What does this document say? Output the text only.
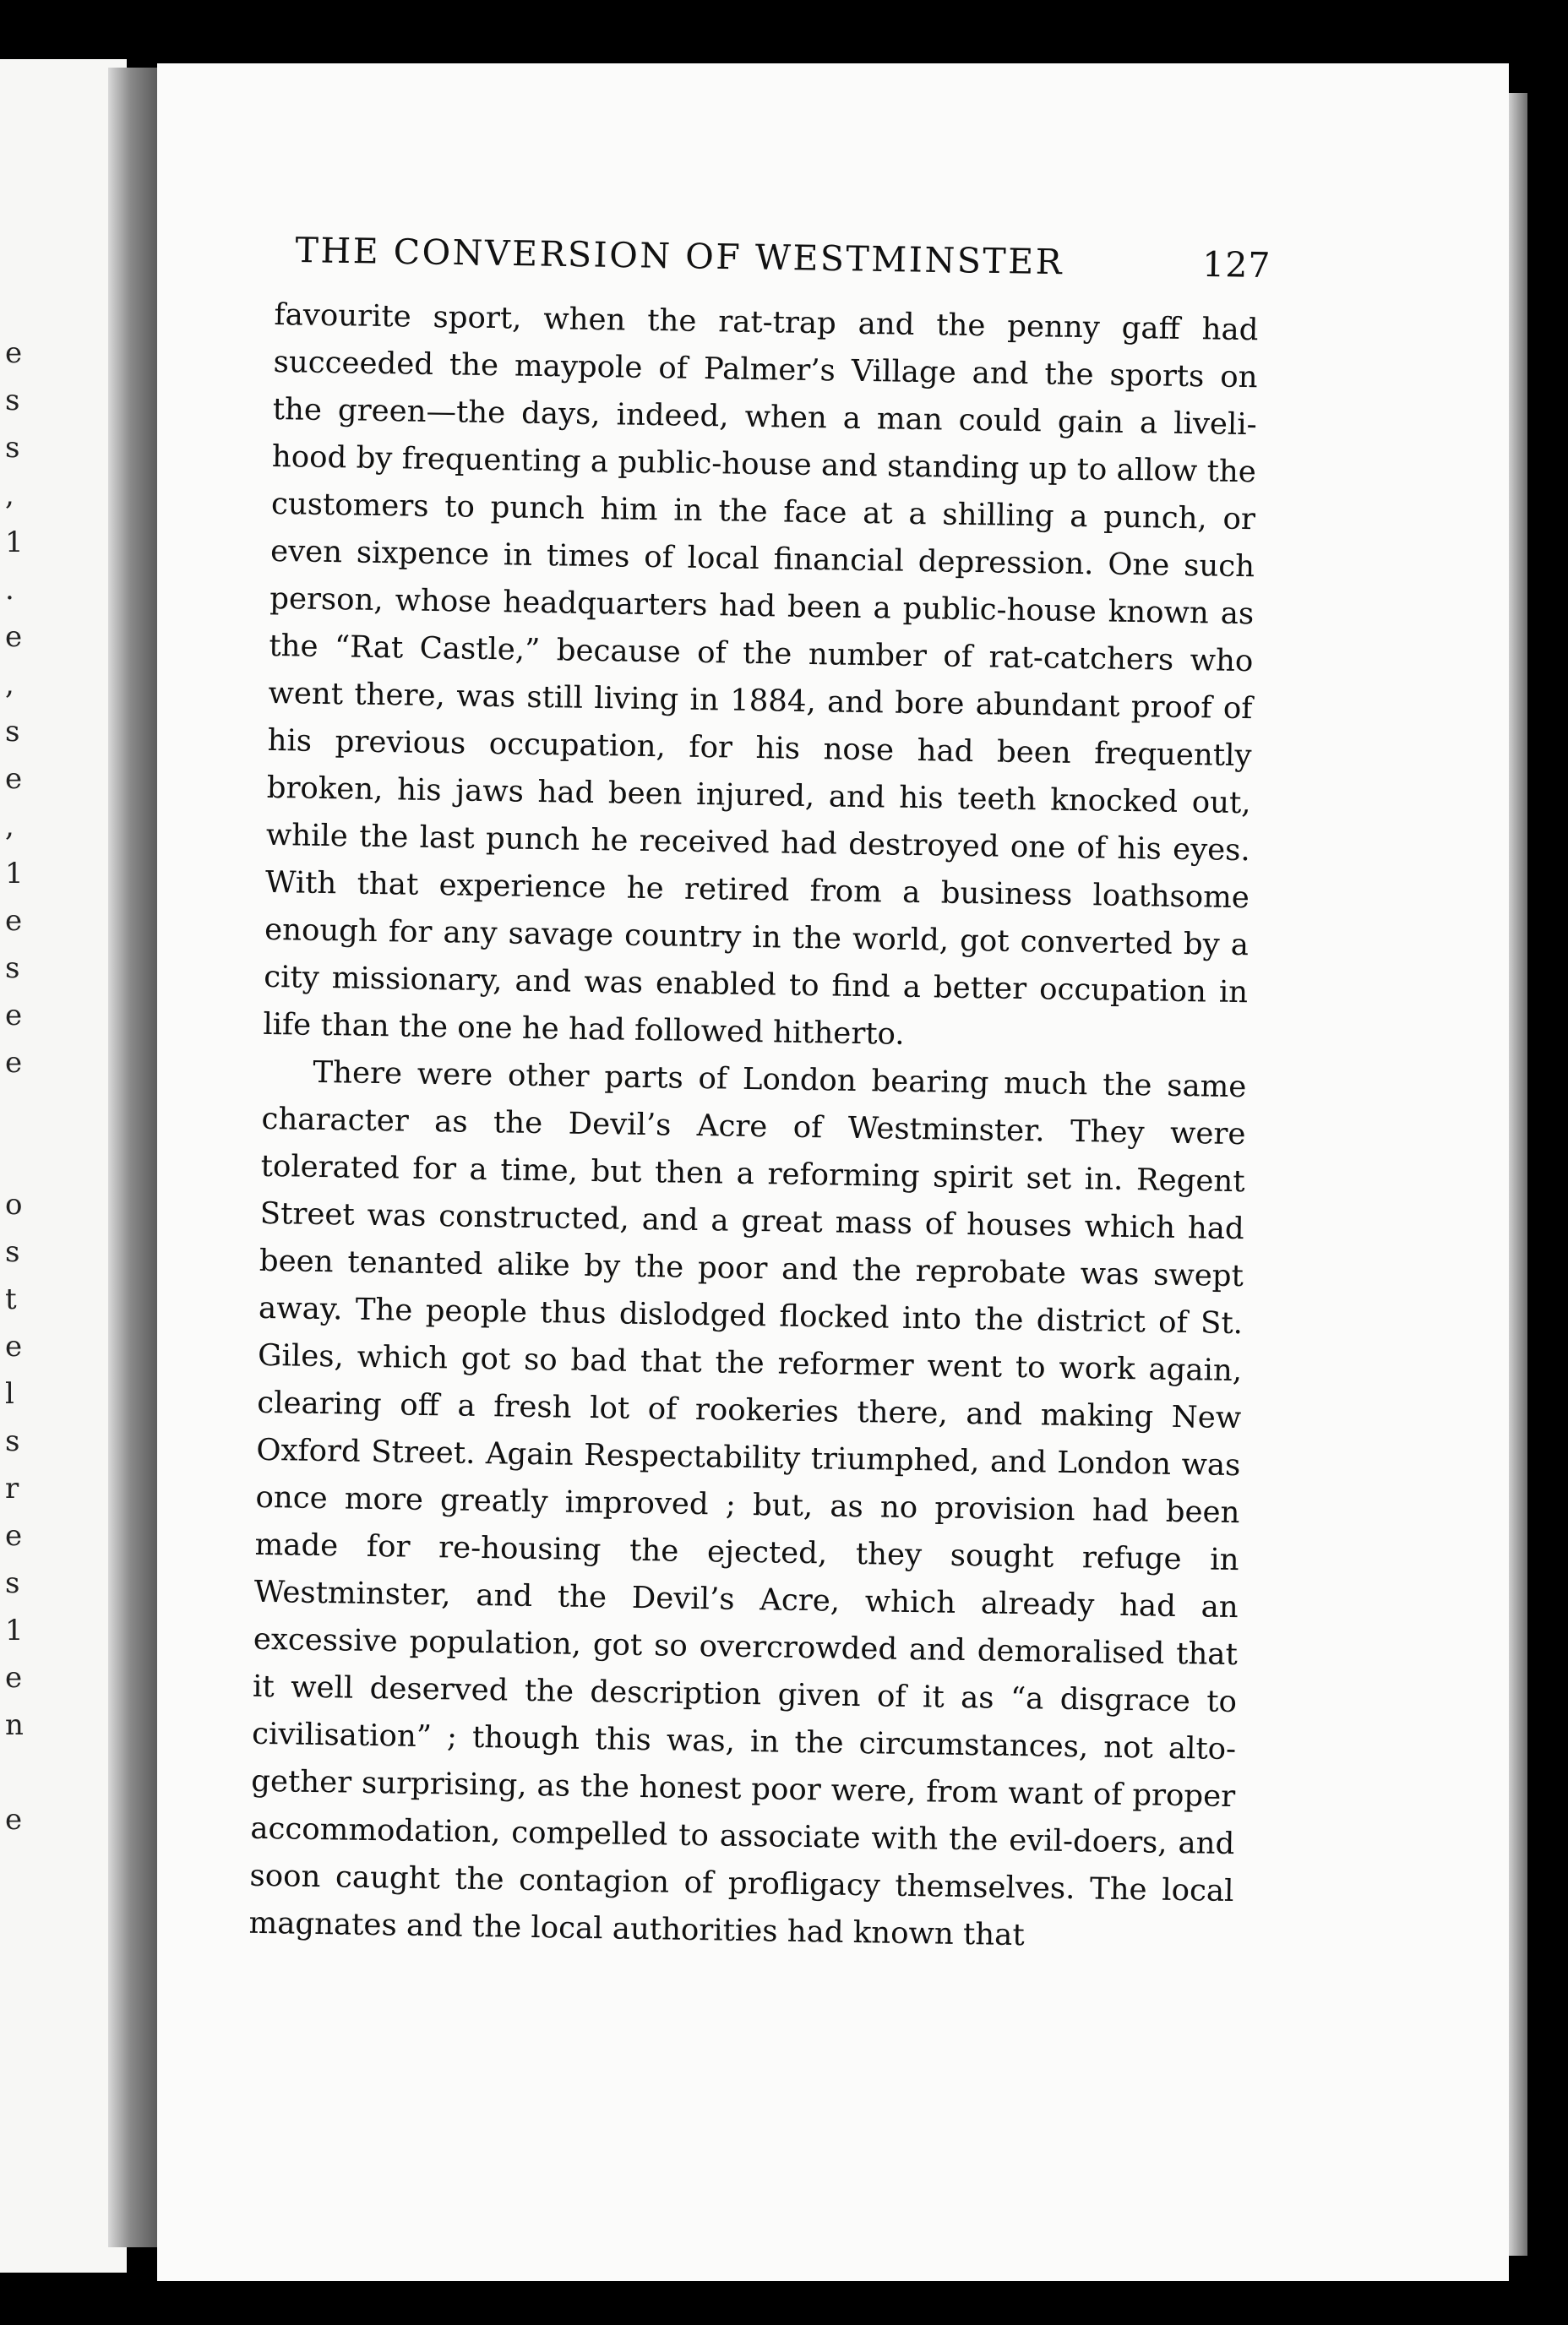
e
s
s
,
1
.
e
,
s
e
,
1
e
s
e
e

o
s
t
e
l
s
r
e
s
1
e
n

e
THE CONVERSION OF WESTMINSTER	127

favourite sport, when the rat-trap and the penny gaff had succeeded the maypole of Palmer’s Village and the sports on the green—the days, indeed, when a man could gain a liveli-hood by frequenting a public-house and standing up to allow the customers to punch him in the face at a shilling a punch, or even sixpence in times of local financial depression. One such person, whose headquarters had been a public-house known as the “Rat Castle,” because of the number of rat-catchers who went there, was still living in 1884, and bore abundant proof of his previous occupation, for his nose had been frequently broken, his jaws had been injured, and his teeth knocked out, while the last punch he received had destroyed one of his eyes. With that experience he retired from a business loathsome enough for any savage country in the world, got converted by a city missionary, and was enabled to find a better occupation in life than the one he had followed hitherto.

There were other parts of London bearing much the same character as the Devil’s Acre of Westminster. They were tolerated for a time, but then a reforming spirit set in. Regent Street was constructed, and a great mass of houses which had been tenanted alike by the poor and the reprobate was swept away. The people thus dislodged flocked into the district of St. Giles, which got so bad that the reformer went to work again, clearing off a fresh lot of rookeries there, and making New Oxford Street. Again Respectability triumphed, and London was once more greatly improved ; but, as no provision had been made for re-housing the ejected, they sought refuge in Westminster, and the Devil’s Acre, which already had an excessive population, got so overcrowded and demoralised that it well deserved the description given of it as “a disgrace to civilisation” ; though this was, in the circumstances, not alto-gether surprising, as the honest poor were, from want of proper accommodation, compelled to associate with the evil-doers, and soon caught the contagion of profligacy themselves. The local magnates and the local authorities had known that
